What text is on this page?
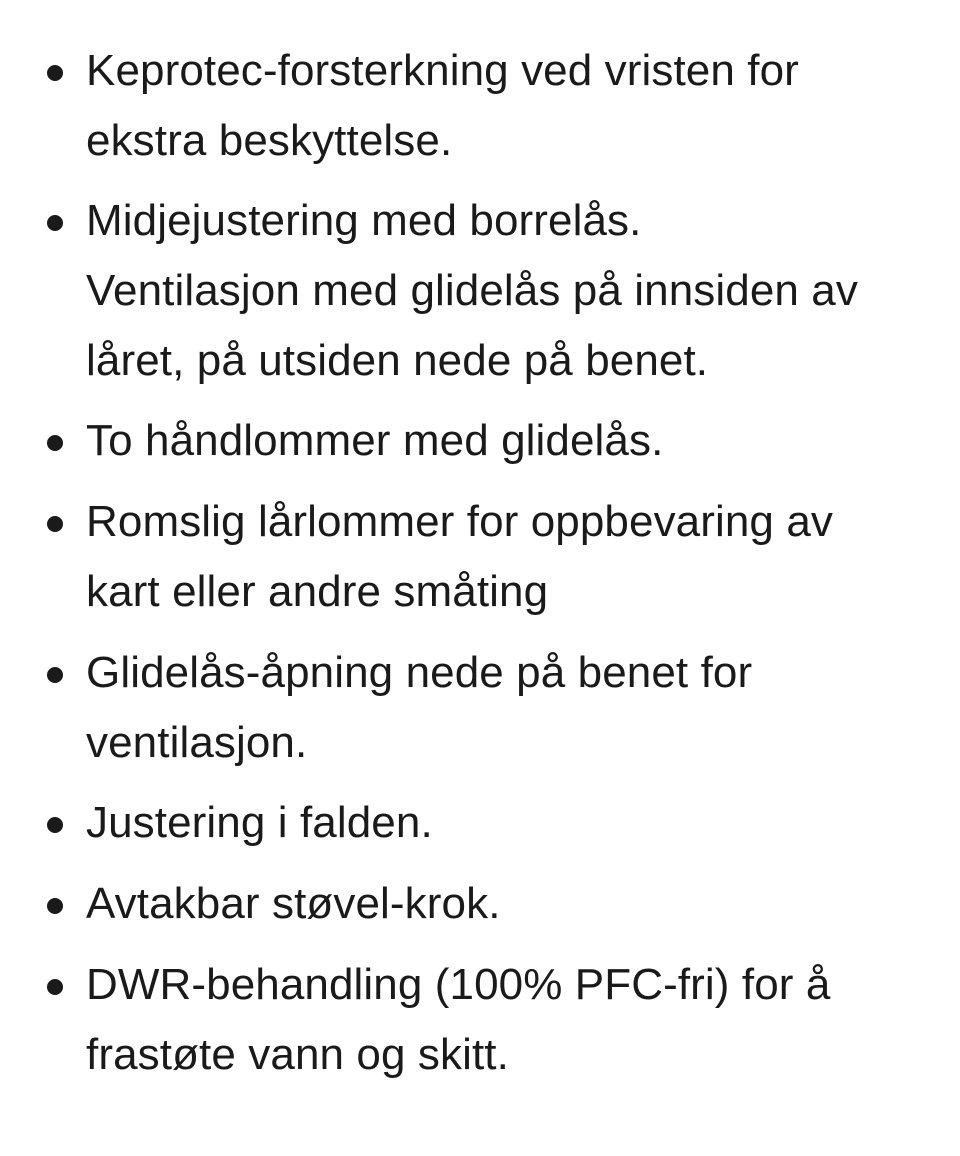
Keprotec-forsterkning ved vristen for
ekstra beskyttelse.
Midjejustering med borrelås.
Ventilasjon med glidelås på innsiden av
låret, på utsiden nede på benet.
To håndlommer med glidelås.
Romslig lårlommer for oppbevaring av
kart eller andre småting
Glidelås-åpning nede på benet for
ventilasjon.
Justering i falden.
Avtakbar støvel-krok.
DWR-behandling (100% PFC-fri) for å
frastøte vann og skitt.
